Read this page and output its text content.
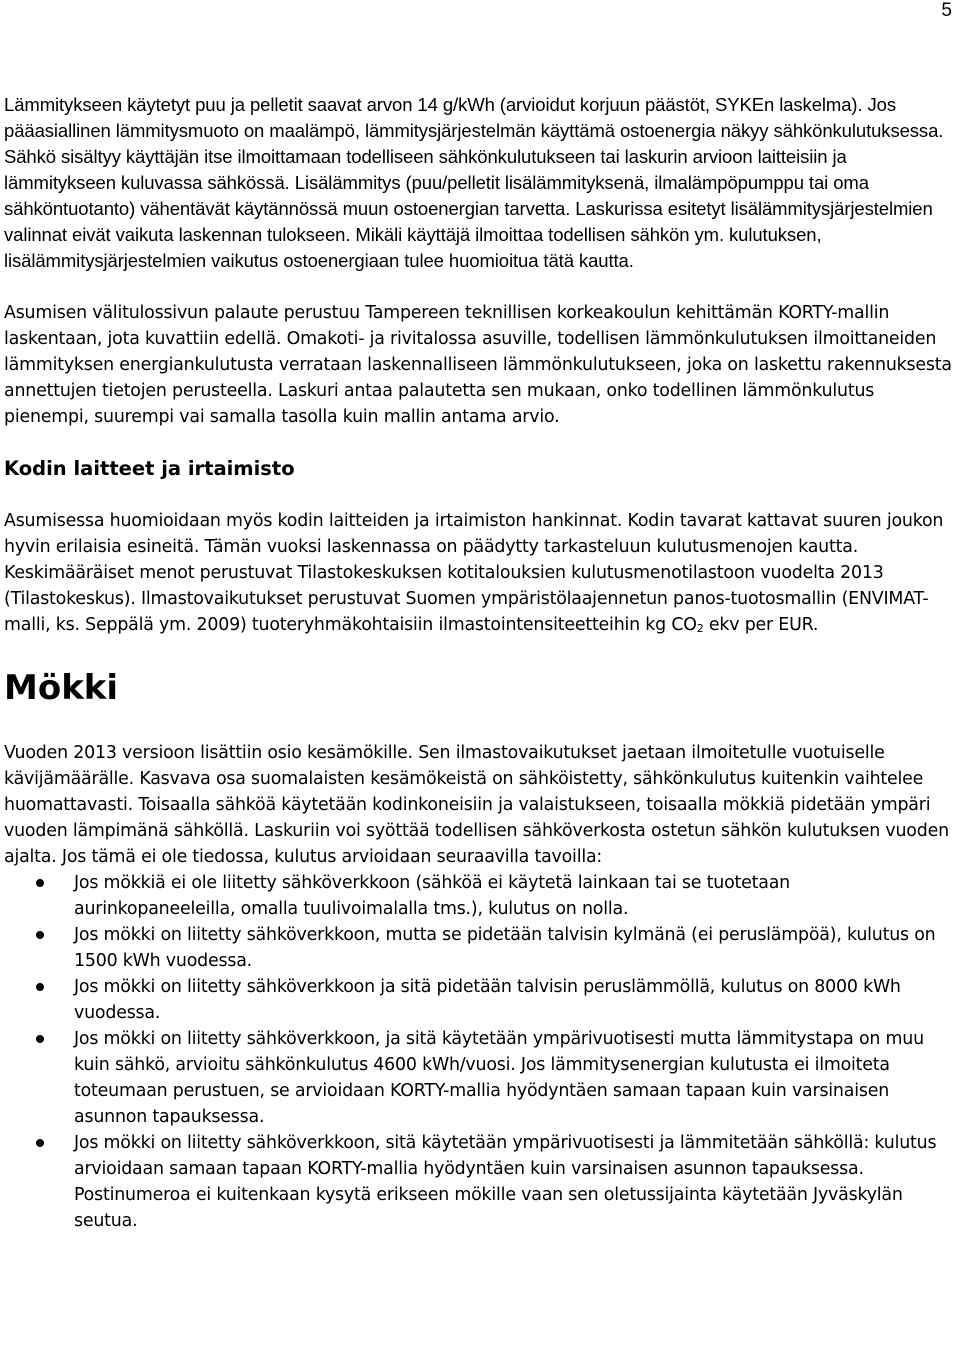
5

Lämmitykseen käytetyt puu ja pelletit saavat arvon 14 g/kWh (arvioidut korjuun päästöt, SYKEn laskelma). Jos pääasiallinen lämmitysmuoto on maalämpö, lämmitysjärjestelmän käyttämä ostoenergia näkyy sähkönkulutuksessa. Sähkö sisältyy käyttäjän itse ilmoittamaan todelliseen sähkönkulutukseen tai laskurin arvioon laitteisiin ja lämmitykseen kuluvassa sähkössä. Lisälämmitys (puu/pelletit lisälämmityksenä, ilmalämpöpumppu tai oma sähköntuotanto) vähentävät käytännössä muun ostoenergian tarvetta. Laskurissa esitetyt lisälämmitysjärjestelmien valinnat eivät vaikuta laskennan tulokseen. Mikäli käyttäjä ilmoittaa todellisen sähkön ym. kulutuksen, lisälämmitysjärjestelmien vaikutus ostoenergiaan tulee huomioitua tätä kautta.

Asumisen välitulossivun palaute perustuu Tampereen teknillisen korkeakoulun kehittämän KORTY-mallin laskentaan, jota kuvattiin edellä. Omakoti- ja rivitalossa asuville, todellisen lämmönkulutuksen ilmoittaneiden lämmityksen energiankulutusta verrataan laskennalliseen lämmönkulutukseen, joka on laskettu rakennuksesta annettujen tietojen perusteella. Laskuri antaa palautetta sen mukaan, onko todellinen lämmönkulutus pienempi, suurempi vai samalla tasolla kuin mallin antama arvio.

Kodin laitteet ja irtaimisto

Asumisessa huomioidaan myös kodin laitteiden ja irtaimiston hankinnat. Kodin tavarat kattavat suuren joukon hyvin erilaisia esineitä. Tämän vuoksi laskennassa on päädytty tarkasteluun kulutusmenojen kautta. Keskimääräiset menot perustuvat Tilastokeskuksen kotitalouksien kulutusmenotilastoon vuodelta 2013 (Tilastokeskus). Ilmastovaikutukset perustuvat Suomen ympäristölaajennetun panos-tuotosmallin (ENVIMAT-malli, ks. Seppälä ym. 2009) tuoteryhmäkohtaisiin ilmastointensiteetteihin kg CO2 ekv per EUR.

Mökki

Vuoden 2013 versioon lisättiin osio kesämökille. Sen ilmastovaikutukset jaetaan ilmoitetulle vuotuiselle kävijämäärälle. Kasvava osa suomalaisten kesämökeistä on sähköistetty, sähkönkulutus kuitenkin vaihtelee huomattavasti. Toisaalla sähköä käytetään kodinkoneisiin ja valaistukseen, toisaalla mökkiä pidetään ympäri vuoden lämpimänä sähköllä. Laskuriin voi syöttää todellisen sähköverkosta ostetun sähkön kulutuksen vuoden ajalta. Jos tämä ei ole tiedossa, kulutus arvioidaan seuraavilla tavoilla:

Jos mökkiä ei ole liitetty sähköverkkoon (sähköä ei käytetä lainkaan tai se tuotetaan aurinkopaneeleilla, omalla tuulivoimalalla tms.), kulutus on nolla.
Jos mökki on liitetty sähköverkkoon, mutta se pidetään talvisin kylmänä (ei peruslämpöä), kulutus on 1500 kWh vuodessa.
Jos mökki on liitetty sähköverkkoon ja sitä pidetään talvisin peruslämmöllä, kulutus on 8000 kWh vuodessa.
Jos mökki on liitetty sähköverkkoon, ja sitä käytetään ympärivuotisesti mutta lämmitystapa on muu kuin sähkö, arvioitu sähkönkulutus 4600 kWh/vuosi. Jos lämmitysenergian kulutusta ei ilmoiteta toteumaan perustuen, se arvioidaan KORTY-mallia hyödyntäen samaan tapaan kuin varsinaisen asunnon tapauksessa.
Jos mökki on liitetty sähköverkkoon, sitä käytetään ympärivuotisesti ja lämmitetään sähköllä: kulutus arvioidaan samaan tapaan KORTY-mallia hyödyntäen kuin varsinaisen asunnon tapauksessa. Postinumeroa ei kuitenkaan kysytä erikseen mökille vaan sen oletussijainta käytetään Jyväskylän seutua.
